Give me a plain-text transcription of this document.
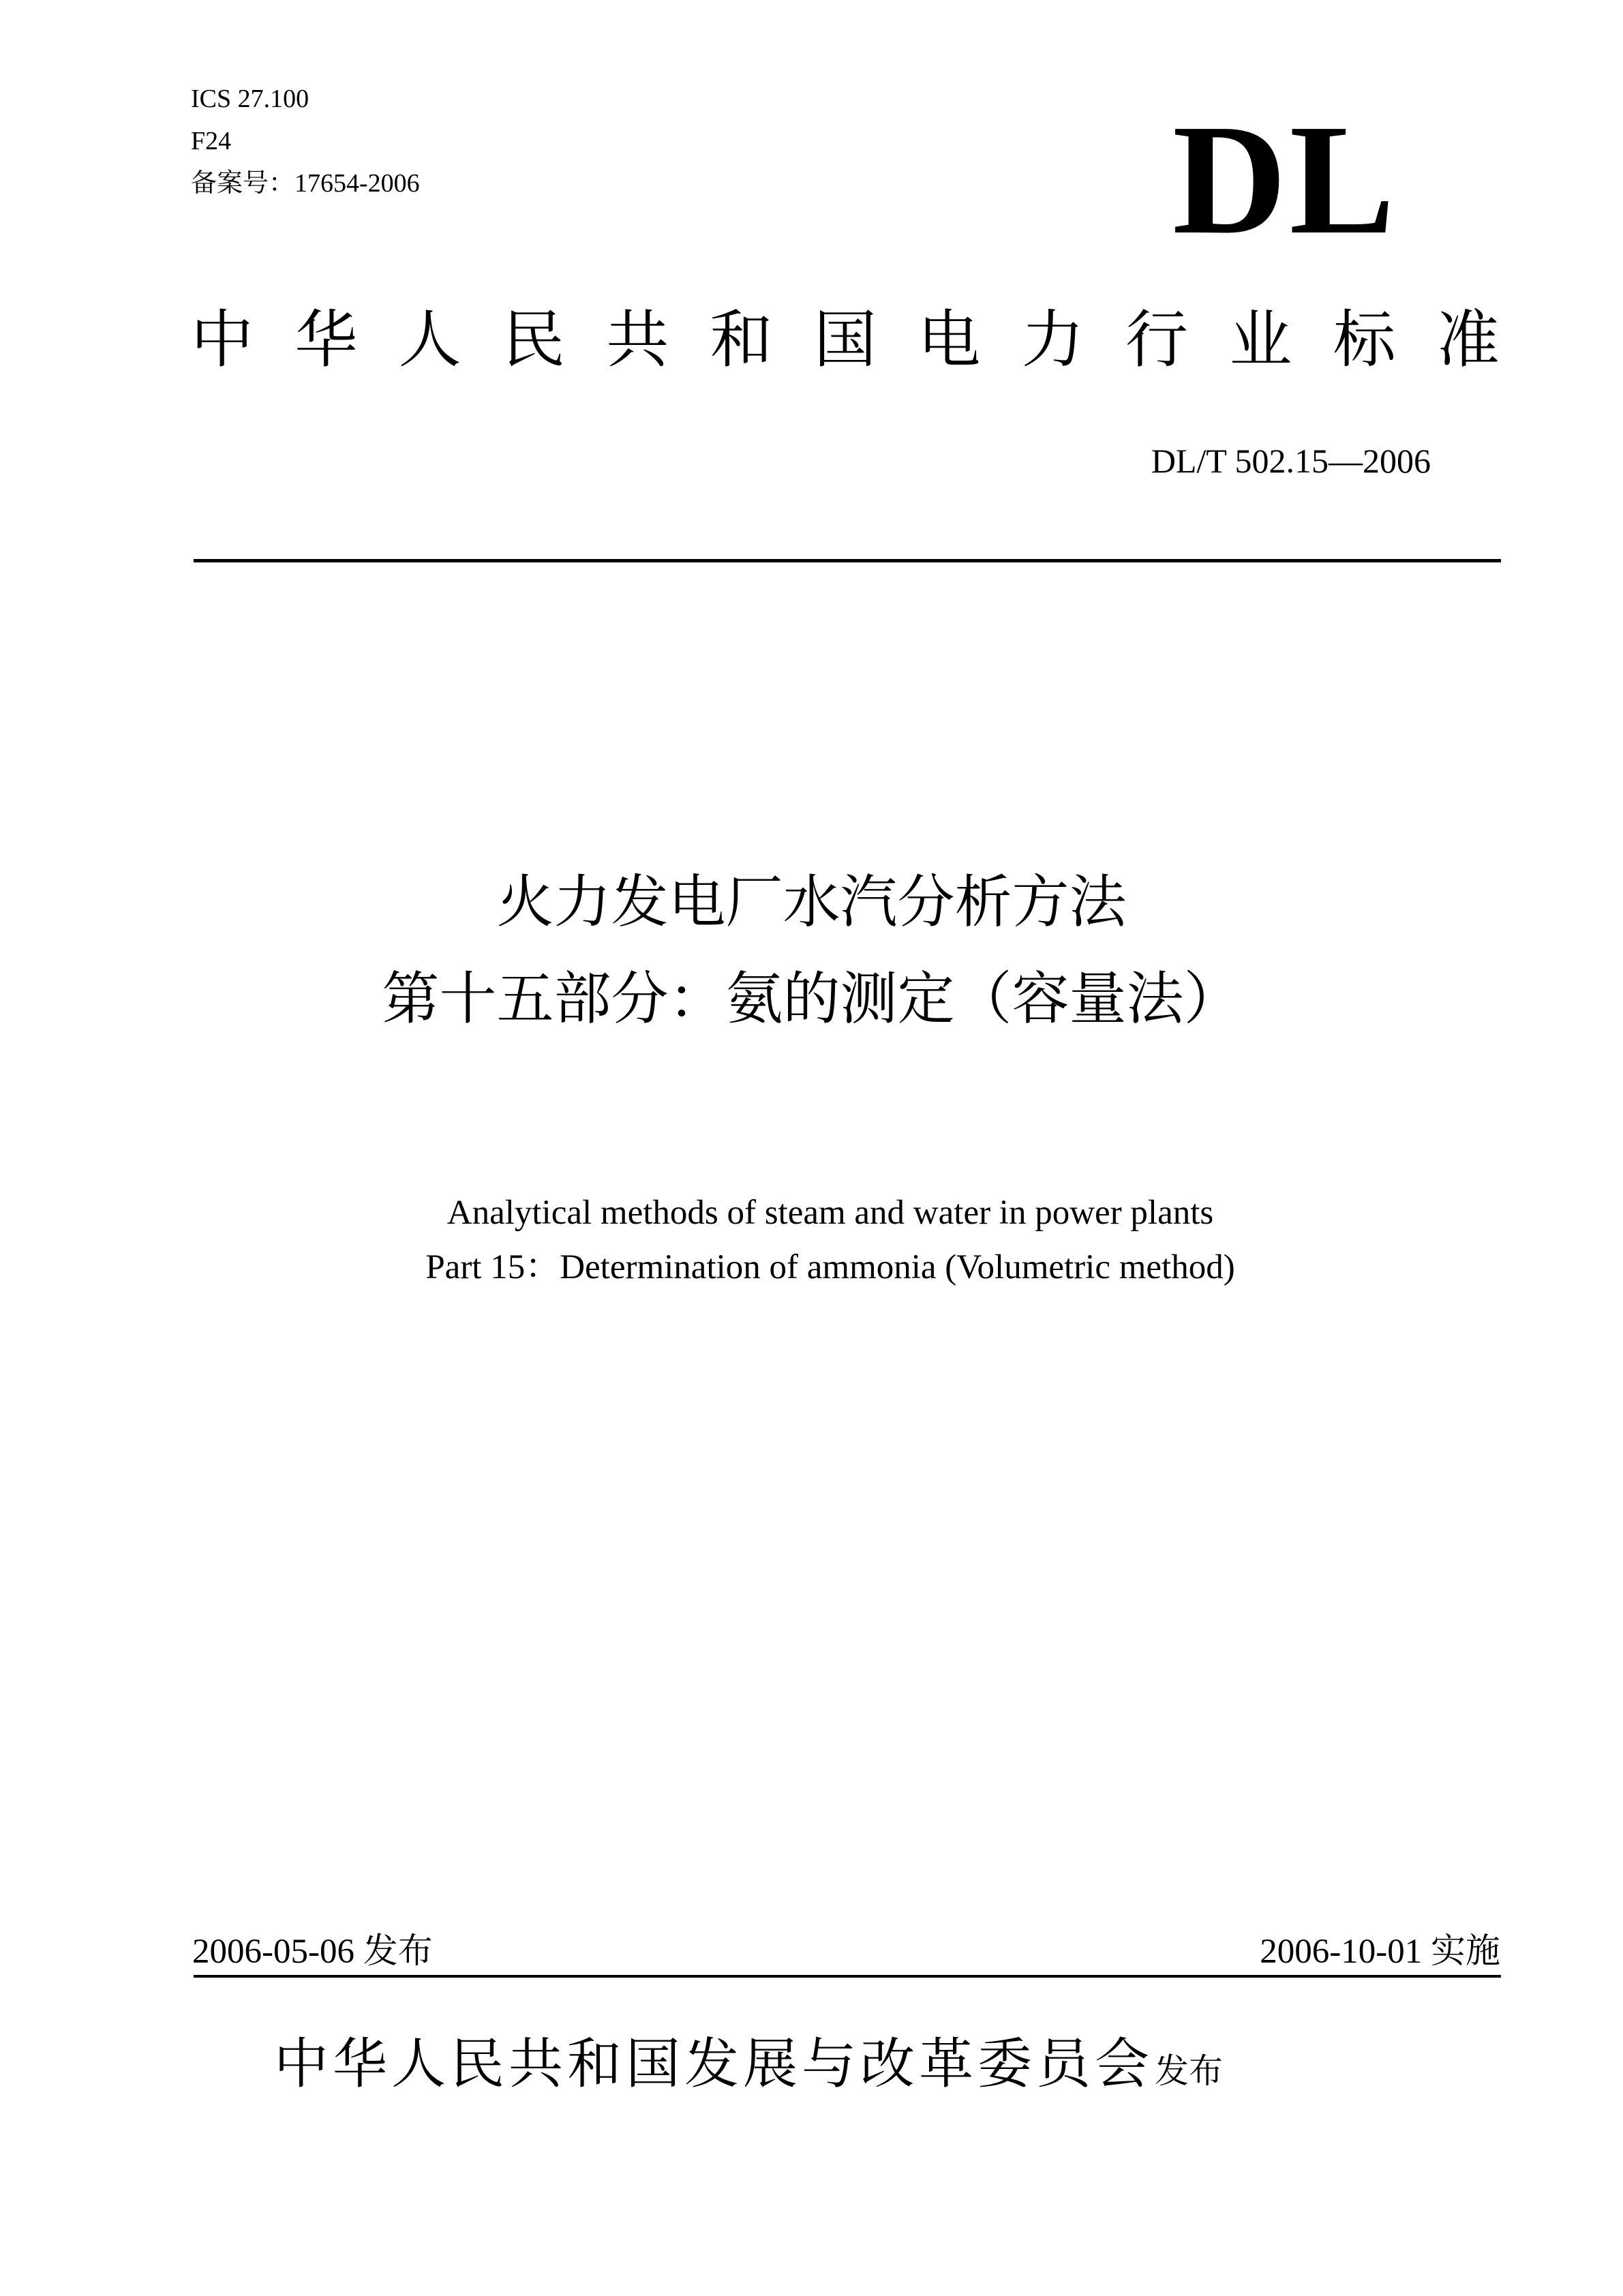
ICS 27.100
F24
备案号：17654-2006	DL
中华人民共和国电力行业标准
DL/T 502.15—2006
火力发电厂水汽分析方法
第十五部分：氨的测定（容量法）
Analytical methods of steam and water in power plants
Part 15：Determination of ammonia (Volumetric method)
2006-05-06 发布	2006-10-01 实施
中华人民共和国发展与改革委员会发布
